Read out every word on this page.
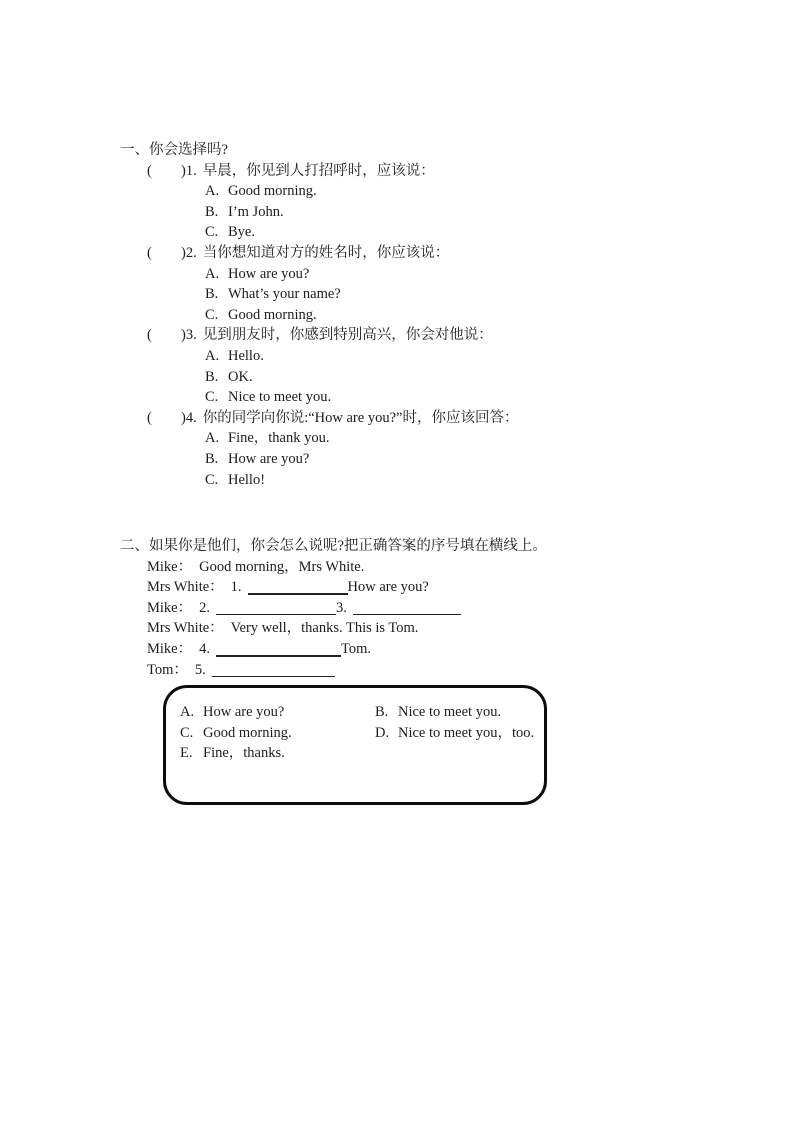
一、你会选择吗?
( )1. 早晨，你见到人打招呼时，应该说：
A. Good morning.
B. I’m John.
C. Bye.
( )2. 当你想知道对方的姓名时，你应该说：
A. How are you?
B. What’s your name?
C. Good morning.
( )3. 见到朋友时，你感到特别高兴，你会对他说：
A. Hello.
B. OK.
C. Nice to meet you.
( )4. 你的同学向你说:“How are you?”时，你应该回答：
A. Fine，thank you.
B. How are you?
C. Hello!
二、如果你是他们，你会怎么说呢?把正确答案的序号填在横线上。
Mike： Good morning，Mrs White.
Mrs White： 1.	How are you?
Mike： 2.	3.
Mrs White： Very well，thanks. This is Tom.
Mike： 4.	Tom.
Tom： 5.
A. How are you?	B. Nice to meet you.
C. Good morning.	D. Nice to meet you，too.
E. Fine，thanks.
